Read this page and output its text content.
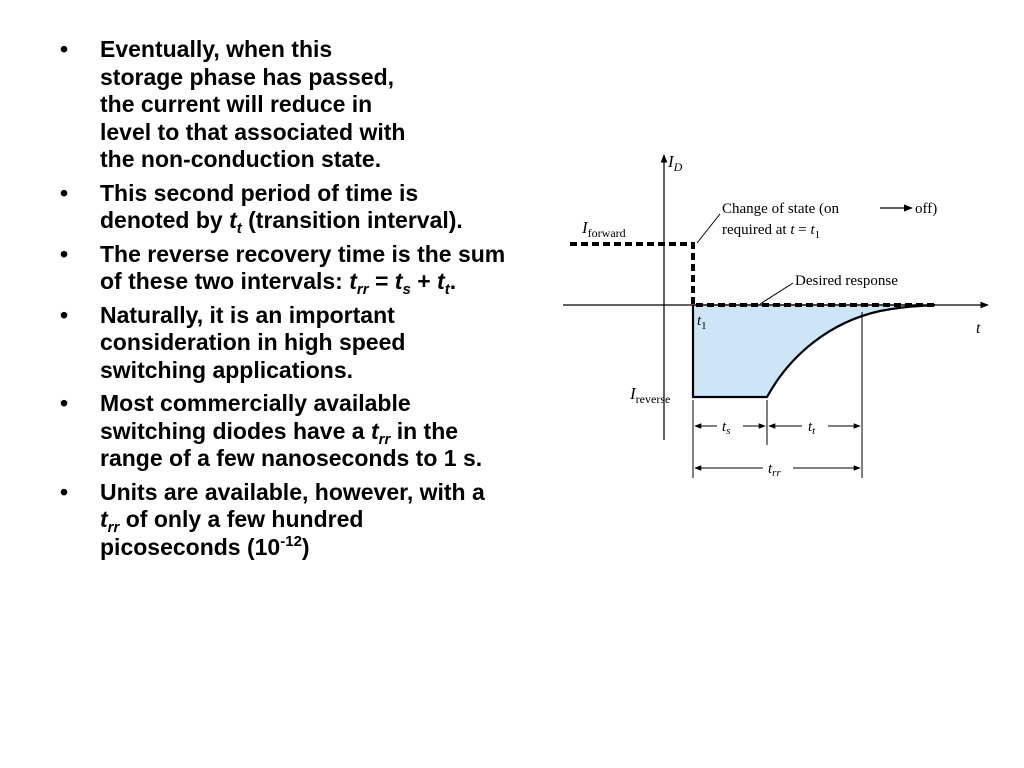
• Eventually, when this
storage phase has passed,
the current will reduce in
level to that associated with
the non-conduction state.
• This second period of time is denoted by $t_t$ (transition interval).
• The reverse recovery time is the sum of these two intervals: $t_{rr} = t_s + t_t$.
• Naturally, it is an important consideration in high speed switching applications.
• Most commercially available switching diodes have a $t_{rr}$ in the range of a few nanoseconds to 1 s.
• Units are available, however, with a $t_{rr}$ of only a few hundred picoseconds $(10^{-12})$
$I_D$
t
$I_{forward}$
$I_{reverse}$
$t_1$
Change of state (on	off)
required at $t = t_1$
Desired response
$t_s$	$t_t$
$t_{rr}$
